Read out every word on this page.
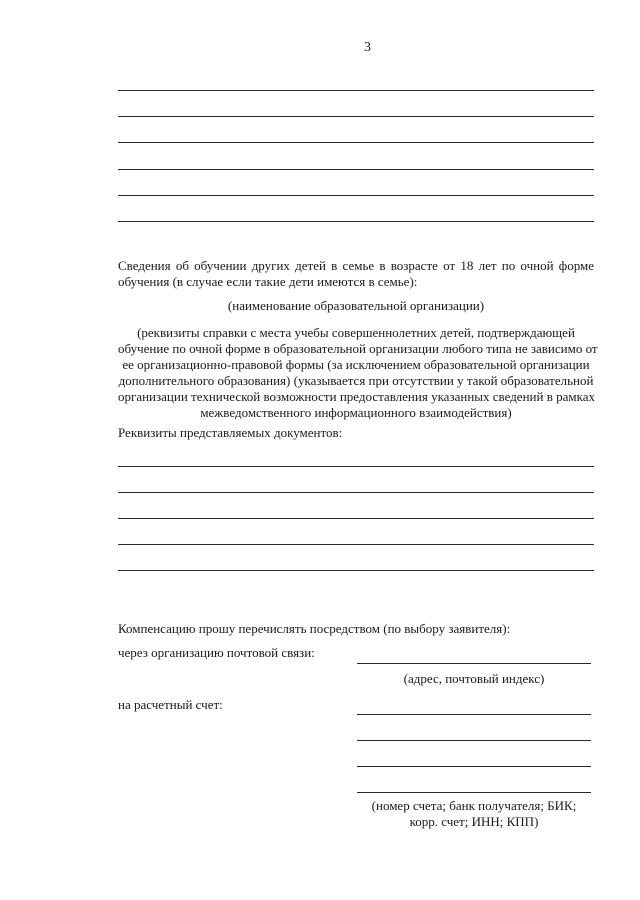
3
Сведения об обучении других детей в семье в возрасте от 18 лет по очной форме
обучения (в случае если такие дети имеются в семье):
(наименование образовательной организации)
(реквизиты справки с места учебы совершеннолетних детей, подтверждающей
обучение по очной форме в образовательной организации любого типа не зависимо от
ее организационно-правовой формы (за исключением образовательной организации
дополнительного образования) (указывается при отсутствии у такой образовательной
организации технической возможности предоставления указанных сведений в рамках
межведомственного информационного взаимодействия)
Реквизиты представляемых документов:
Компенсацию прошу перечислять посредством (по выбору заявителя):
через организацию почтовой связи:
(адрес, почтовый индекс)
на расчетный счет:
(номер счета; банк получателя; БИК;
корр. счет; ИНН; КПП)
